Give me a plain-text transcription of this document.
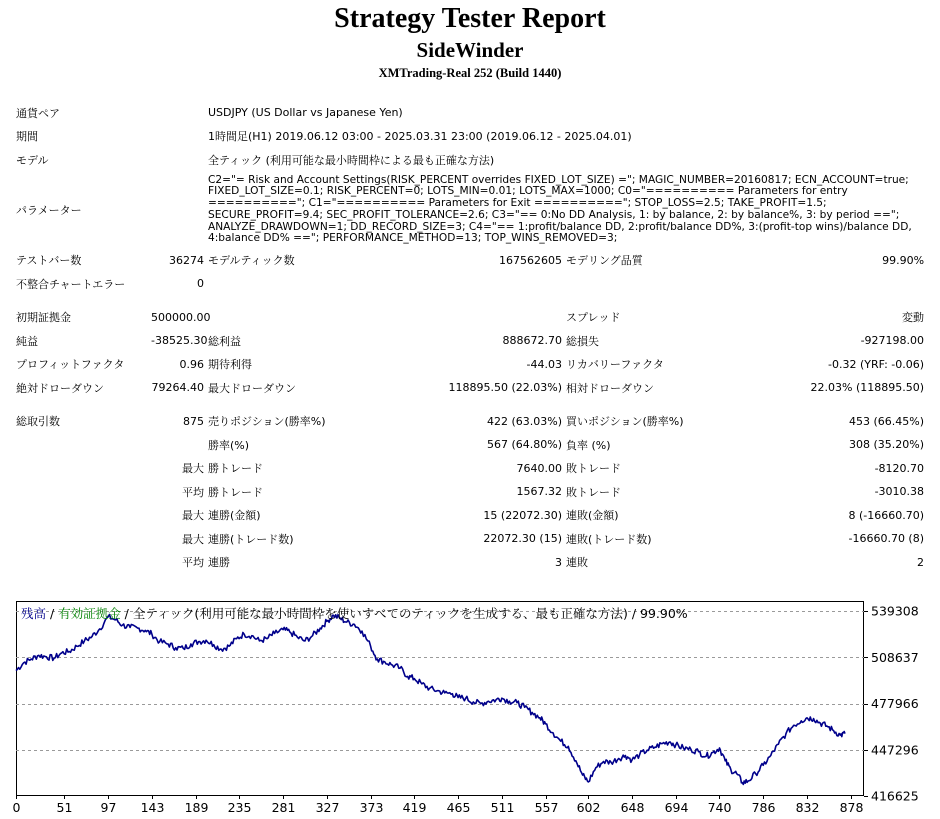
Strategy Tester Report
SideWinder
XMTrading-Real 252 (Build 1440)
通貨ペア		USDJPY (US Dollar vs Japanese Yen)			
期間		1時間足(H1) 2019.06.12 03:00 - 2025.03.31 23:00 (2019.06.12 - 2025.04.01)			
モデル		全ティック (利用可能な最小時間枠による最も正確な方法)			
パラメーター		C2="= Risk and Account Settings(RISK_PERCENT overrides FIXED_LOT_SIZE) ="; MAGIC_NUMBER=20160817; ECN_ACCOUNT=true; FIXED_LOT_SIZE=0.1; RISK_PERCENT=0; LOTS_MIN=0.01; LOTS_MAX=1000; C0="========== Parameters for entry =========="; C1="========== Parameters for Exit =========="; STOP_LOSS=2.5; TAKE_PROFIT=1.5; SECURE_PROFIT=9.4; SEC_PROFIT_TOLERANCE=2.6; C3="== 0:No DD Analysis, 1: by balance, 2: by balance%, 3: by period =="; ANALYZE_DRAWDOWN=1; DD_RECORD_SIZE=3; C4="== 1:profit/balance DD, 2:profit/balance DD%, 3:(profit-top wins)/balance DD, 4:balance DD% =="; PERFORMANCE_METHOD=13; TOP_WINS_REMOVED=3;			
テストバー数	36274	モデルティック数	167562605	モデリング品質	99.90%
不整合チャートエラー	0				

初期証拠金	500000.00			スプレッド	変動
純益	-38525.30	総利益	888672.70	総損失	-927198.00
プロフィットファクタ	0.96	期待利得	-44.03	リカバリーファクタ	-0.32 (YRF: -0.06)
絶対ドローダウン	79264.40	最大ドローダウン	118895.50 (22.03%)	相対ドローダウン	22.03% (118895.50)

総取引数	875	売りポジション(勝率%)	422 (63.03%)	買いポジション(勝率%)	453 (66.45%)
		勝率(%)	567 (64.80%)	負率 (%)	308 (35.20%)
	最大	勝トレード	7640.00	敗トレード	-8120.70
	平均	勝トレード	1567.32	敗トレード	-3010.38
	最大	連勝(金額)	15 (22072.30)	連敗(金額)	8 (-16660.70)
	最大	連勝(トレード数)	22072.30 (15)	連敗(トレード数)	-16660.70 (8)
	平均	連勝	3	連敗	2
539308
508637
477966
447296
416625
0	51 97 143 189 235 281 327 373 419 465 511 557 602 648 694 740 786 832 878
残高 / 有効証拠金 / 全ティック(利用可能な最小時間枠を使いすべてのティックを生成する、最も正確な方法) / 99.90%
